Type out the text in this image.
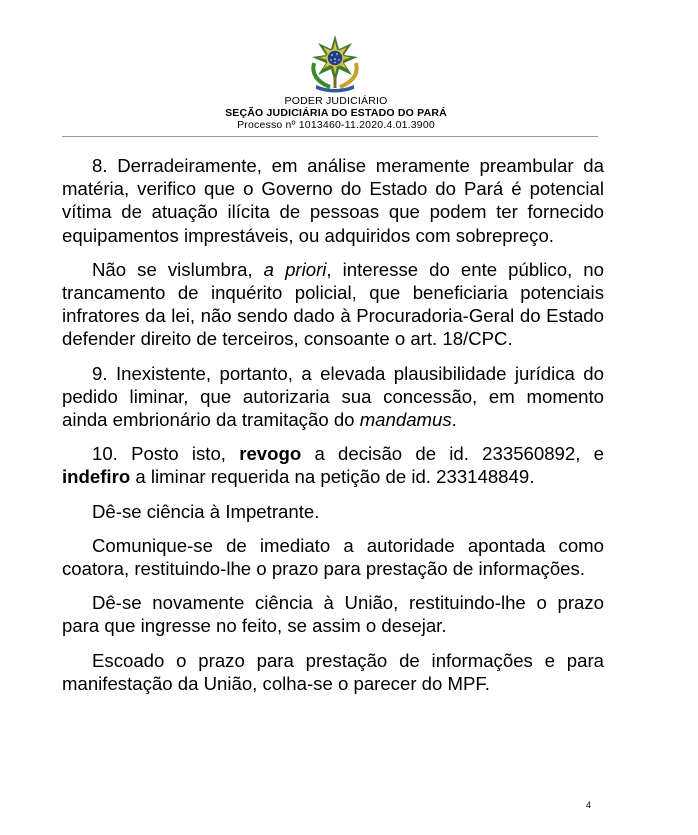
PODER JUDICIÁRIO
SEÇÃO JUDICIÁRIA DO ESTADO DO PARÁ
Processo nº 1013460-11.2020.4.01.3900

8. Derradeiramente, em análise meramente preambular da matéria, verifico que o Governo do Estado do Pará é potencial vítima de atuação ilícita de pessoas que podem ter fornecido equipamentos imprestáveis, ou adquiridos com sobrepreço.

Não se vislumbra, a priori, interesse do ente público, no trancamento de inquérito policial, que beneficiaria potenciais infratores da lei, não sendo dado à Procuradoria-Geral do Estado defender direito de terceiros, consoante o art. 18/CPC.

9. Inexistente, portanto, a elevada plausibilidade jurídica do pedido liminar, que autorizaria sua concessão, em momento ainda embrionário da tramitação do mandamus.

10. Posto isto, revogo a decisão de id. 233560892, e indefiro a liminar requerida na petição de id. 233148849.

Dê-se ciência à Impetrante.

Comunique-se de imediato a autoridade apontada como coatora, restituindo-lhe o prazo para prestação de informações.

Dê-se novamente ciência à União, restituindo-lhe o prazo para que ingresse no feito, se assim o desejar.

Escoado o prazo para prestação de informações e para manifestação da União, colha-se o parecer do MPF.

4
